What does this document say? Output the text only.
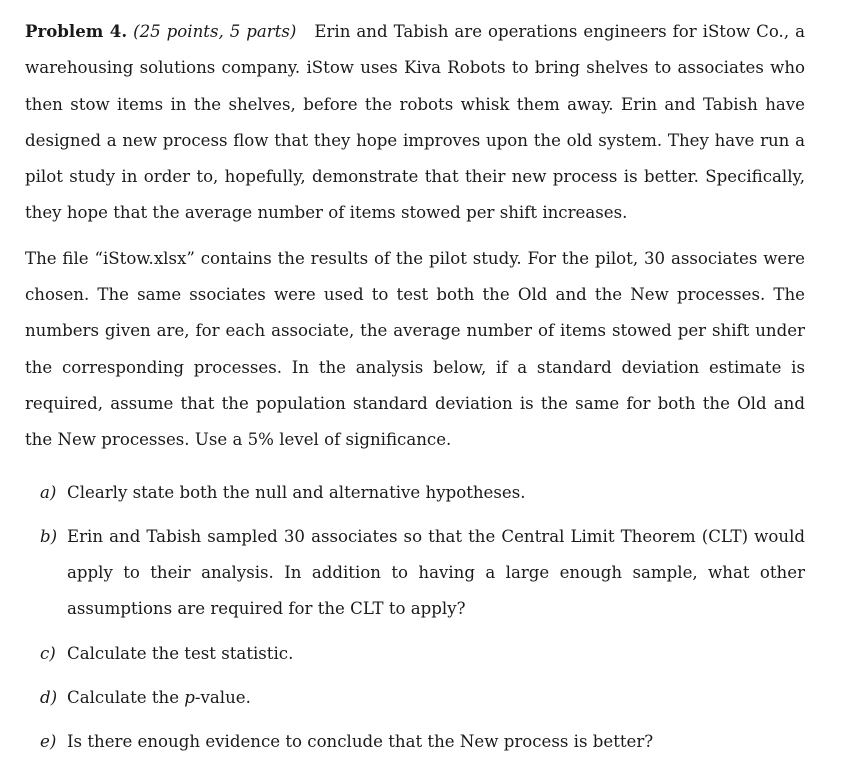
Problem 4. (25 points, 5 parts) Erin and Tabish are operations engineers for iStow Co., a warehousing solutions company. iStow uses Kiva Robots to bring shelves to associates who then stow items in the shelves, before the robots whisk them away. Erin and Tabish have designed a new process flow that they hope improves upon the old system. They have run a pilot study in order to, hopefully, demonstrate that their new process is better. Specifically, they hope that the average number of items stowed per shift increases.

The file “iStow.xlsx” contains the results of the pilot study. For the pilot, 30 associates were chosen. The same ssociates were used to test both the Old and the New processes. The numbers given are, for each associate, the average number of items stowed per shift under the corresponding processes. In the analysis below, if a standard deviation estimate is required, assume that the population standard deviation is the same for both the Old and the New processes. Use a 5% level of significance.

a) Clearly state both the null and alternative hypotheses.
b) Erin and Tabish sampled 30 associates so that the Central Limit Theorem (CLT) would apply to their analysis. In addition to having a large enough sample, what other assumptions are required for the CLT to apply?
c) Calculate the test statistic.
d) Calculate the p-value.
e) Is there enough evidence to conclude that the New process is better?
